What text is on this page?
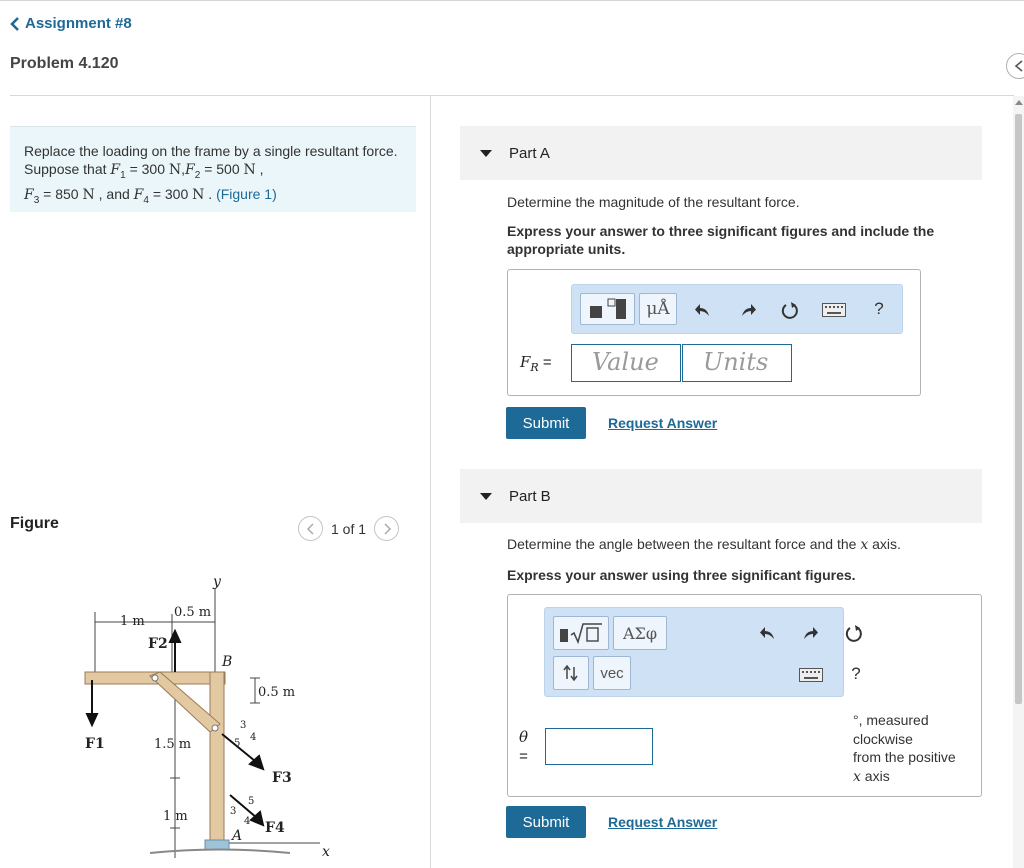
Assignment #8
Problem 4.120
Replace the loading on the frame by a single resultant force. Suppose that $F_1 = 300$ $N,F_2 = 500$ N ,
$F_3 = 850$ N , and $F_4 = 300$ N . (Figure 1)
Figure	1 of 1
y
1 m
0.5 m
F2
B
0.5 m
F1	1.5 m
3
4
5
F3
1 m
5
3
4 F4
A
x
Part A
Determine the magnitude of the resultant force.
Express your answer to three significant figures and include the appropriate units.
μÅ	?
$F_R$ = Value Units
Submit	Request Answer
Part B
Determine the angle between the resultant force and the x axis.
Express your answer using three significant figures.
ΑΣφ
vec	?
θ
=
°, measured
clockwise
from the positive
x axis
Submit	Request Answer
